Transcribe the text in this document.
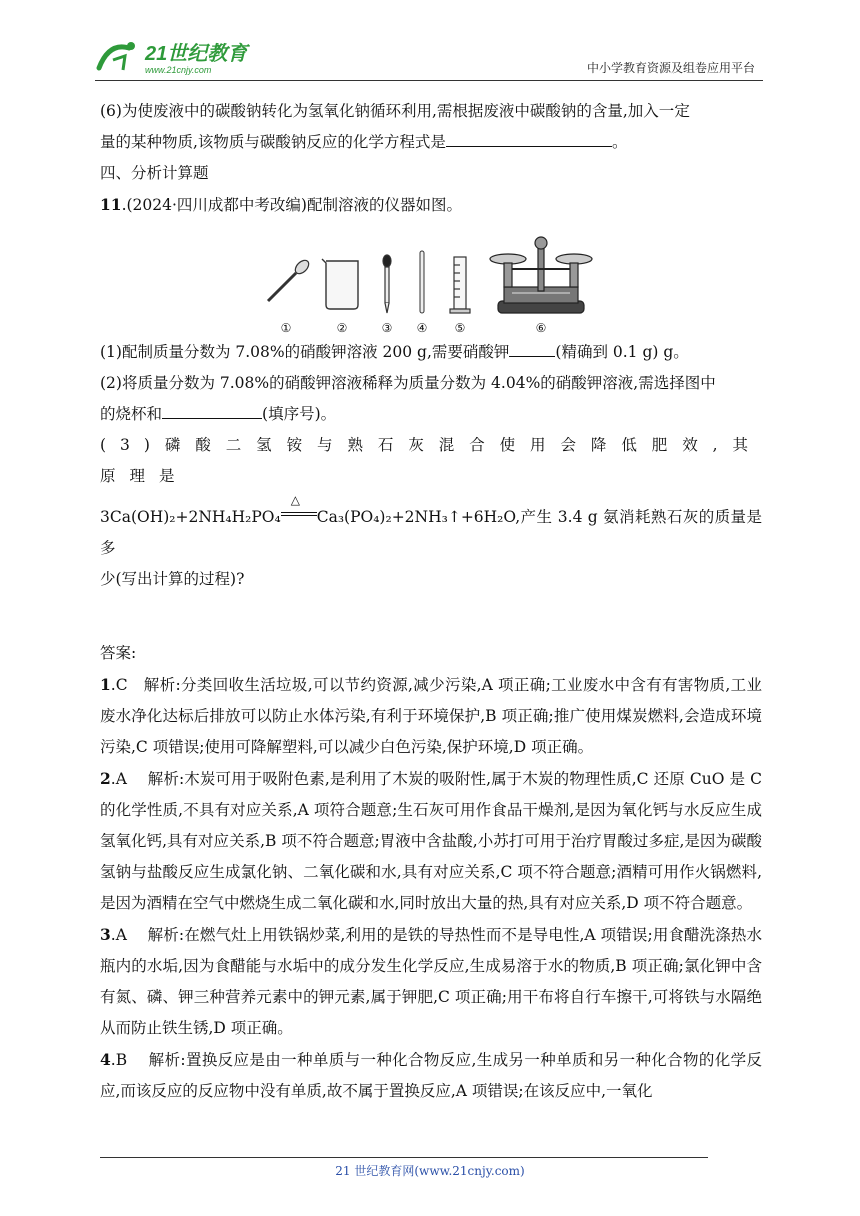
21世纪教育
www.21cnjy.com	中小学教育资源及组卷应用平台

(6)为使废液中的碳酸钠转化为氢氧化钠循环利用,需根据废液中碳酸钠的含量,加入一定
量的某种物质,该物质与碳酸钠反应的化学方程式是	。

四、分析计算题

11.(2024·四川成都中考改编)配制溶液的仪器如图。

①	②	③	④	⑤	⑥

(1)配制质量分数为 7.08%的硝酸钾溶液 200 g,需要硝酸钾	(精确到 0.1 g) g。

(2)将质量分数为 7.08%的硝酸钾溶液稀释为质量分数为 4.04%的硝酸钾溶液,需选择图中
的烧杯和	(填序号)。

(3)磷酸二氢铵与熟石灰混合使用会降低肥效,其原理是

3Ca(OH)₂+2NH₄H₂PO₄
△
Ca₃(PO₄)₂+2NH₃↑+6H₂O,产生 3.4 g 氨消耗熟石灰的质量是多
少(写出计算的过程)?

答案:

1.C　解析:分类回收生活垃圾,可以节约资源,减少污染,A 项正确;工业废水中含有有害物质,工业废水净化达标后排放可以防止水体污染,有利于环境保护,B 项正确;推广使用煤炭燃料,会造成环境污染,C 项错误;使用可降解塑料,可以减少白色污染,保护环境,D 项正确。

2.A　 解析:木炭可用于吸附色素,是利用了木炭的吸附性,属于木炭的物理性质,C 还原 CuO 是 C 的化学性质,不具有对应关系,A 项符合题意;生石灰可用作食品干燥剂,是因为氧化钙与水反应生成氢氧化钙,具有对应关系,B 项不符合题意;胃液中含盐酸,小苏打可用于治疗胃酸过多症,是因为碳酸氢钠与盐酸反应生成氯化钠、二氧化碳和水,具有对应关系,C 项不符合题意;酒精可用作火锅燃料,是因为酒精在空气中燃烧生成二氧化碳和水,同时放出大量的热,具有对应关系,D 项不符合题意。

3.A　 解析:在燃气灶上用铁锅炒菜,利用的是铁的导热性而不是导电性,A 项错误;用食醋洗涤热水瓶内的水垢,因为食醋能与水垢中的成分发生化学反应,生成易溶于水的物质,B 项正确;氯化钾中含有氮、磷、钾三种营养元素中的钾元素,属于钾肥,C 项正确;用干布将自行车擦干,可将铁与水隔绝从而防止铁生锈,D 项正确。

4.B　 解析:置换反应是由一种单质与一种化合物反应,生成另一种单质和另一种化合物的化学反应,而该反应的反应物中没有单质,故不属于置换反应,A 项错误;在该反应中,一氧化

21 世纪教育网(www.21cnjy.com)
